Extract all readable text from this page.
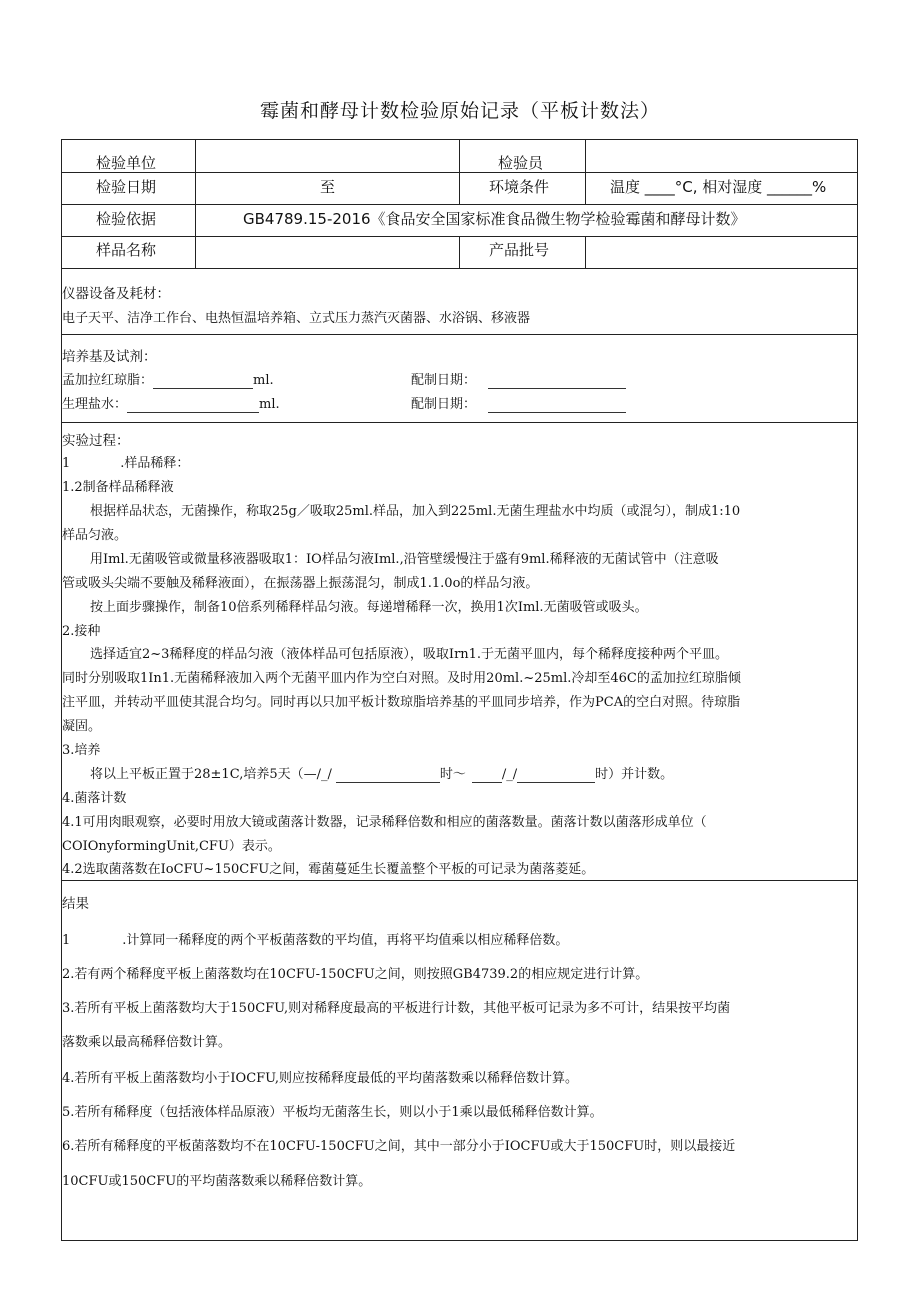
霉菌和酵母计数检验原始记录（平板计数法）
检验单位	检验员
检验日期	至	环境条件	温度 ____°C, 相对湿度 ______%
检验依据	GB4789.15-2016《食品安全国家标准食品微生物学检验霉菌和酵母计数》
样品名称	产品批号
仪器设备及耗材：
电子天平、洁净工作台、电热恒温培养箱、立式压力蒸汽灭菌器、水浴锅、移液器
培养基及试剂：
孟加拉红琼脂：	ml.	配制日期：
生理盐水：	ml.	配制日期：
实验过程：
1	.样品稀释：
1.2制备样品稀释液
根据样品状态，无菌操作，称取25g／吸取25ml.样品，加入到225ml.无菌生理盐水中均质（或混匀），制成1:10
样品匀液。
用Iml.无菌吸管或微量移液器吸取1：IO样品匀液Iml.,沿管壁缓慢注于盛有9ml.稀释液的无菌试管中（注意吸
管或吸头尖端不要触及稀释液面），在振荡器上振荡混匀，制成1.1.0o的样品匀液。
按上面步骤操作，制备10倍系列稀释样品匀液。每递增稀释一次，换用1次Iml.无菌吸管或吸头。
2.接种
选择适宜2~3稀释度的样品匀液（液体样品可包括原液），吸取Irn1.于无菌平皿内，每个稀释度接种两个平皿。
同时分别吸取1In1.无菌稀释液加入两个无菌平皿内作为空白对照。及时用20ml.~25ml.冷却至46C的孟加拉红琼脂倾
注平皿，并转动平皿使其混合均匀。同时再以只加平板计数琼脂培养基的平皿同步培养，作为PCA的空白对照。待琼脂
凝固。
3.培养
将以上平板正置于28±1C,培养5天（—/_/	时～	/_/	时）并计数。
4.菌落计数
4.1可用肉眼观察，必要时用放大镜或菌落计数器，记录稀释倍数和相应的菌落数量。菌落计数以菌落形成单位（
COIOnyformingUnit,CFU）表示。
4.2选取菌落数在IoCFU~150CFU之间，霉菌蔓延生长覆盖整个平板的可记录为菌落菱延。
结果
1	.计算同一稀释度的两个平板菌落数的平均值，再将平均值乘以相应稀释倍数。
2.若有两个稀释度平板上菌落数均在10CFU-150CFU之间，则按照GB4739.2的相应规定进行计算。
3.若所有平板上菌落数均大于150CFU,则对稀释度最高的平板进行计数，其他平板可记录为多不可计，结果按平均菌
落数乘以最高稀释倍数计算。
4.若所有平板上菌落数均小于IOCFU,则应按稀释度最低的平均菌落数乘以稀释倍数计算。
5.若所有稀释度（包括液体样品原液）平板均无菌落生长，则以小于1乘以最低稀释倍数计算。
6.若所有稀释度的平板菌落数均不在10CFU-150CFU之间，其中一部分小于IOCFU或大于150CFU时，则以最接近
10CFU或150CFU的平均菌落数乘以稀释倍数计算。
